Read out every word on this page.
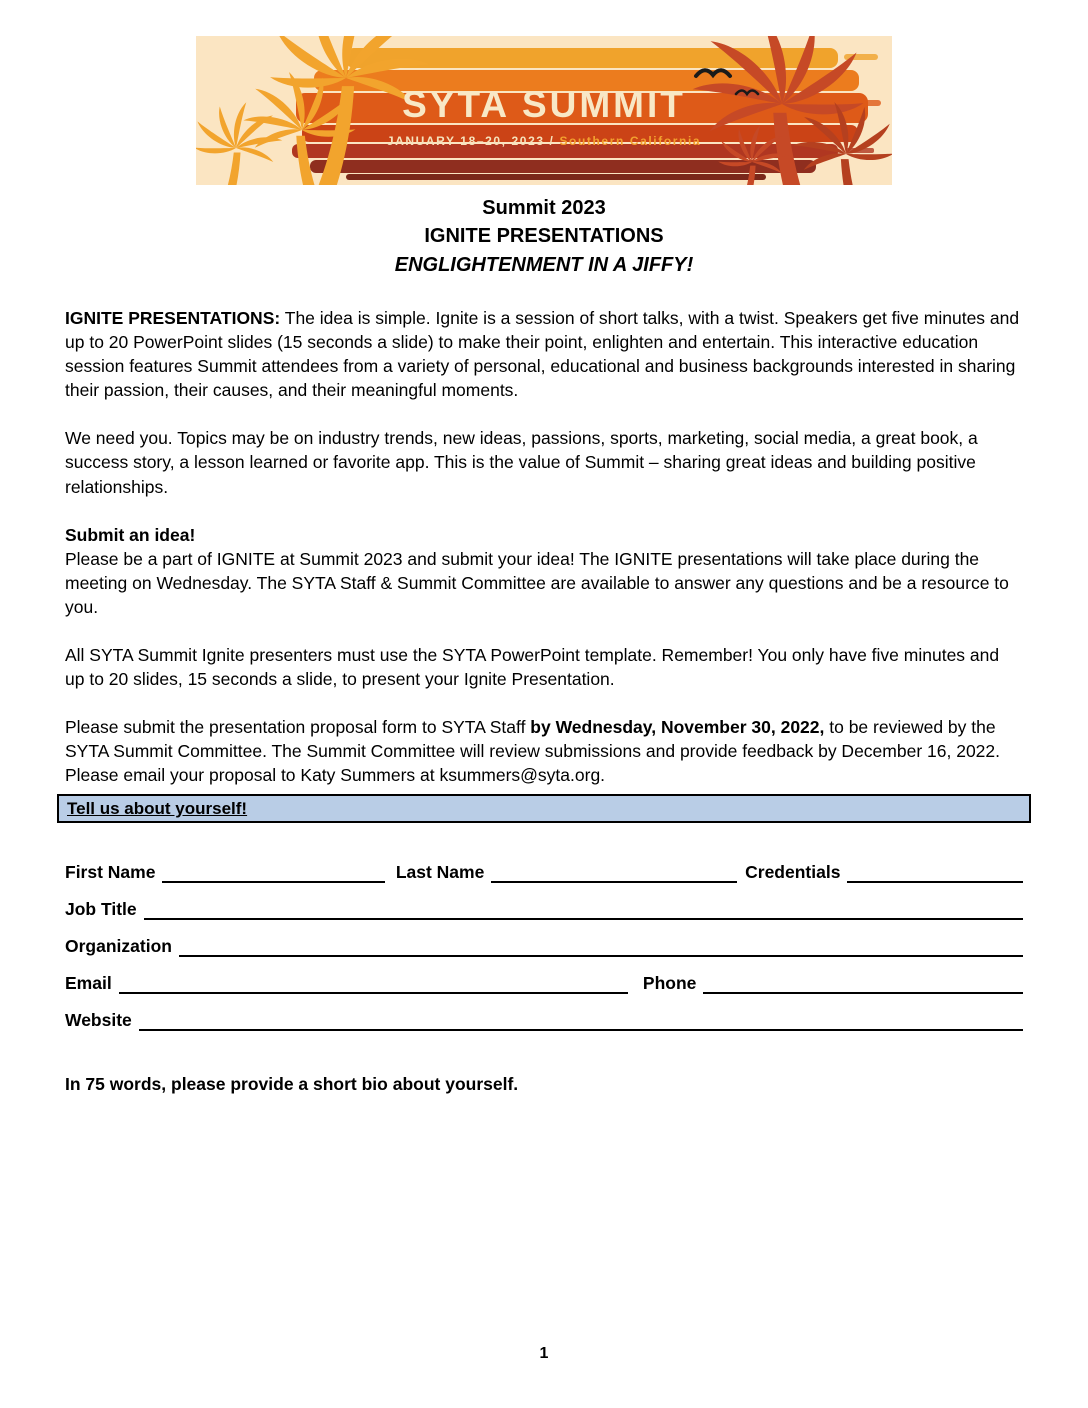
SYTA SUMMIT
JANUARY 18–20, 2023 / Southern California
Summit 2023
IGNITE PRESENTATIONS
ENGLIGHTENMENT IN A JIFFY!

IGNITE PRESENTATIONS: The idea is simple. Ignite is a session of short talks, with a twist. Speakers get five minutes and up to 20 PowerPoint slides (15 seconds a slide) to make their point, enlighten and entertain. This interactive education session features Summit attendees from a variety of personal, educational and business backgrounds interested in sharing their passion, their causes, and their meaningful moments.

We need you. Topics may be on industry trends, new ideas, passions, sports, marketing, social media, a great book, a success story, a lesson learned or favorite app. This is the value of Summit – sharing great ideas and building positive relationships.

Submit an idea!
Please be a part of IGNITE at Summit 2023 and submit your idea! The IGNITE presentations will take place during the meeting on Wednesday. The SYTA Staff & Summit Committee are available to answer any questions and be a resource to you.

All SYTA Summit Ignite presenters must use the SYTA PowerPoint template. Remember! You only have five minutes and up to 20 slides, 15 seconds a slide, to present your Ignite Presentation.

Please submit the presentation proposal form to SYTA Staff by Wednesday, November 30, 2022, to be reviewed by the SYTA Summit Committee. The Summit Committee will review submissions and provide feedback by December 16, 2022. Please email your proposal to Katy Summers at ksummers@syta.org.

Tell us about yourself!
First Name	Last Name	Credentials
Job Title
Organization
Email	Phone
Website

In 75 words, please provide a short bio about yourself.

1
